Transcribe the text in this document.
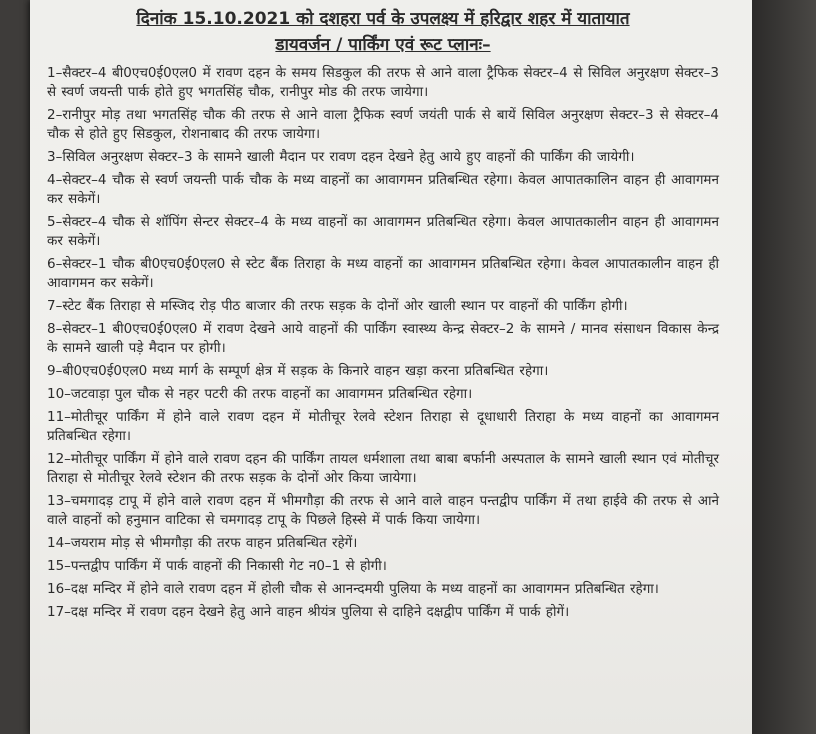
दिनांक 15.10.2021 को दशहरा पर्व के उपलक्ष्य में हरिद्वार शहर में यातायात
डायवर्जन / पार्किंग एवं रूट प्लानः–

1–सैक्टर–4 बी0एच0ई0एल0 में रावण दहन के समय सिडकुल की तरफ से आने वाला ट्रैफिक सेक्टर–4 से सिविल अनुरक्षण सेक्टर–3 से स्वर्ण जयन्ती पार्क होते हुए भगतसिंह चौक, रानीपुर मोड की तरफ जायेगा।

2–रानीपुर मोड़ तथा भगतसिंह चौक की तरफ से आने वाला ट्रैफिक स्वर्ण जयंती पार्क से बायें सिविल अनुरक्षण सेक्टर–3 से सेक्टर–4 चौक से होते हुए सिडकुल, रोशनाबाद की तरफ जायेगा।

3–सिविल अनुरक्षण सेक्टर–3 के सामने खाली मैदान पर रावण दहन देखने हेतु आये हुए वाहनों की पार्किंग की जायेगी।

4–सेक्टर–4 चौक से स्वर्ण जयन्ती पार्क चौक के मध्य वाहनों का आवागमन प्रतिबन्धित रहेगा। केवल आपातकालिन वाहन ही आवागमन कर सकेगें।

5–सेक्टर–4 चौक से शॉपिंग सेन्टर सेक्टर–4 के मध्य वाहनों का आवागमन प्रतिबन्धित रहेगा। केवल आपातकालीन वाहन ही आवागमन कर सकेगें।

6–सेक्टर–1 चौक बी0एच0ई0एल0 से स्टेट बैंक तिराहा के मध्य वाहनों का आवागमन प्रतिबन्धित रहेगा। केवल आपातकालीन वाहन ही आवागमन कर सकेगें।

7–स्टेट बैंक तिराहा से मस्जिद रोड़ पीठ बाजार की तरफ सड़क के दोनों ओर खाली स्थान पर वाहनों की पार्किंग होगी।

8–सेक्टर–1 बी0एच0ई0एल0 में रावण देखने आये वाहनों की पार्किंग स्वास्थ्य केन्द्र सेक्टर–2 के सामने / मानव संसाधन विकास केन्द्र के सामने खाली पड़े मैदान पर होगी।

9–बी0एच0ई0एल0 मध्य मार्ग के सम्पूर्ण क्षेत्र में सड़क के किनारे वाहन खड़ा करना प्रतिबन्धित रहेगा।

10–जटवाड़ा पुल चौक से नहर पटरी की तरफ वाहनों का आवागमन प्रतिबन्धित रहेगा।

11–मोतीचूर पार्किंग में होने वाले रावण दहन में मोतीचूर रेलवे स्टेशन तिराहा से दूधाधारी तिराहा के मध्य वाहनों का आवागमन प्रतिबन्धित रहेगा।

12–मोतीचूर पार्किंग में होने वाले रावण दहन की पार्किंग तायल धर्मशाला तथा बाबा बर्फानी अस्पताल के सामने खाली स्थान एवं मोतीचूर तिराहा से मोतीचूर रेलवे स्टेशन की तरफ सड़क के दोनों ओर किया जायेगा।

13–चमगादड़ टापू में होने वाले रावण दहन में भीमगौड़ा की तरफ से आने वाले वाहन पन्तद्वीप पार्किंग में तथा हाईवे की तरफ से आने वाले वाहनों को हनुमान वाटिका से चमगादड़ टापू के पिछले हिस्से में पार्क किया जायेगा।

14–जयराम मोड़ से भीमगौड़ा की तरफ वाहन प्रतिबन्धित रहेगें।

15–पन्तद्वीप पार्किंग में पार्क वाहनों की निकासी गेट न0–1 से होगी।

16–दक्ष मन्दिर में होने वाले रावण दहन में होली चौक से आनन्दमयी पुलिया के मध्य वाहनों का आवागमन प्रतिबन्धित रहेगा।

17–दक्ष मन्दिर में रावण दहन देखने हेतु आने वाहन श्रीयंत्र पुलिया से दाहिने दक्षद्वीप पार्किंग में पार्क होगें।
